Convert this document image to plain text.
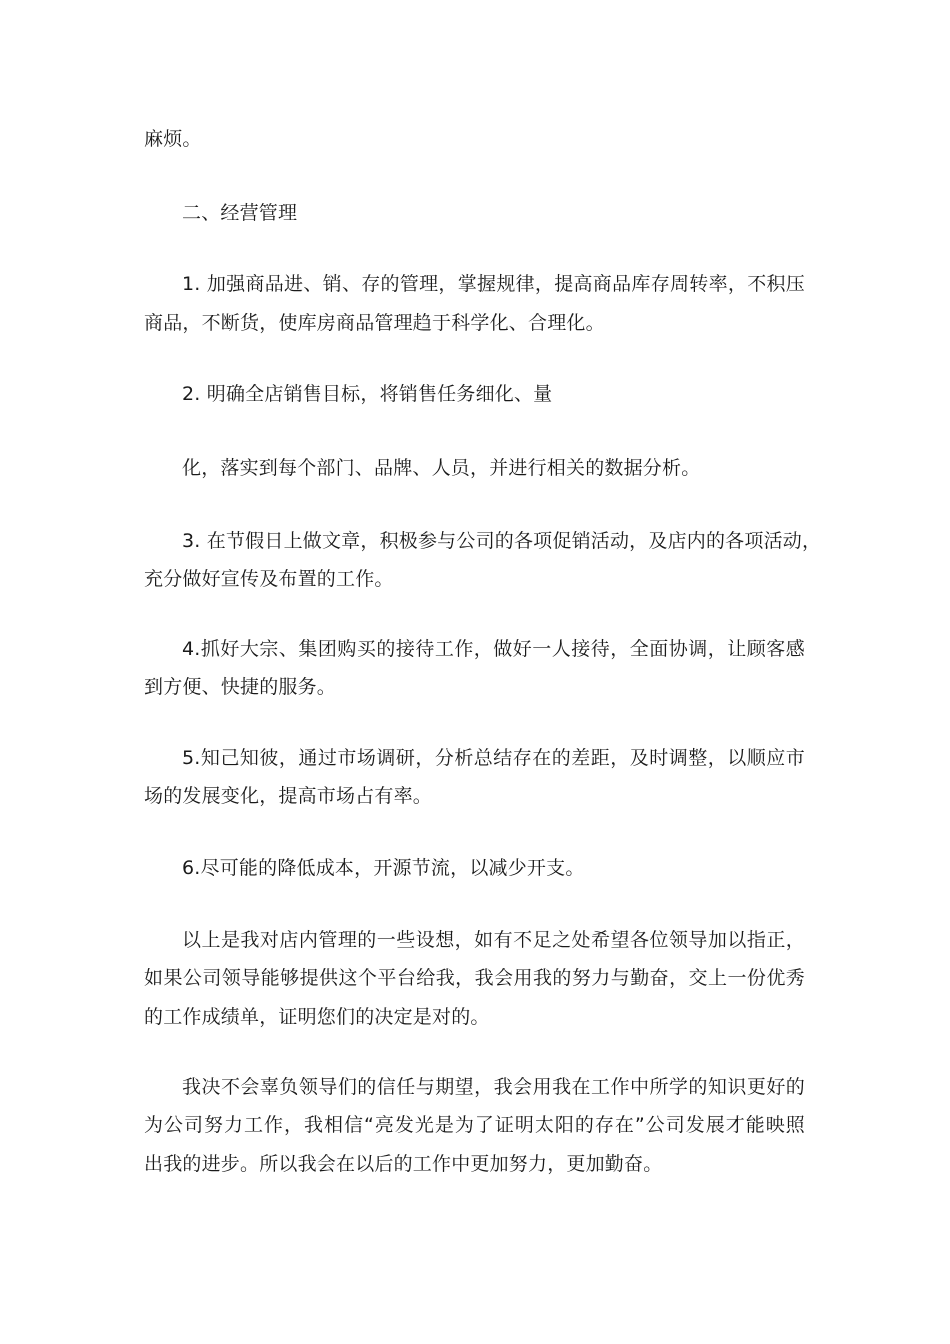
麻烦。

二、经营管理

1. 加强商品进、销、存的管理，掌握规律，提高商品库存周转率，不积压

商品，不断货，使库房商品管理趋于科学化、合理化。

2. 明确全店销售目标，将销售任务细化、量

化，落实到每个部门、品牌、人员，并进行相关的数据分析。

3. 在节假日上做文章，积极参与公司的各项促销活动，及店内的各项活动，

充分做好宣传及布置的工作。

4.抓好大宗、集团购买的接待工作，做好一人接待，全面协调，让顾客感

到方便、快捷的服务。

5.知己知彼，通过市场调研，分析总结存在的差距，及时调整，以顺应市

场的发展变化，提高市场占有率。

6.尽可能的降低成本，开源节流，以减少开支。

以上是我对店内管理的一些设想，如有不足之处希望各位领导加以指正，

如果公司领导能够提供这个平台给我，我会用我的努力与勤奋，交上一份优秀

的工作成绩单，证明您们的决定是对的。

我决不会辜负领导们的信任与期望，我会用我在工作中所学的知识更好的

为公司努力工作，我相信“亮发光是为了证明太阳的存在”公司发展才能映照

出我的进步。所以我会在以后的工作中更加努力，更加勤奋。
